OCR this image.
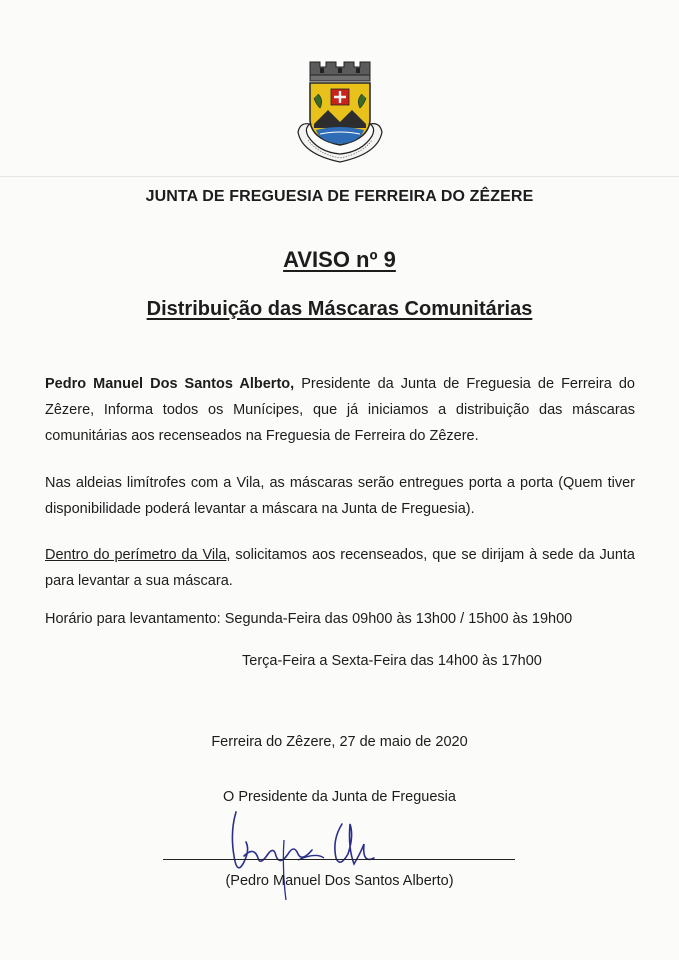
JUNTA DE FREGUESIA DE FERREIRA DO ZÊZERE
AVISO nº 9
Distribuição das Máscaras Comunitárias
Pedro Manuel Dos Santos Alberto, Presidente da Junta de Freguesia de Ferreira do Zêzere, Informa todos os Munícipes, que já iniciamos a distribuição das máscaras comunitárias aos recenseados na Freguesia de Ferreira do Zêzere.
Nas aldeias limítrofes com a Vila, as máscaras serão entregues porta a porta (Quem tiver disponibilidade poderá levantar a máscara na Junta de Freguesia).
Dentro do perímetro da Vila, solicitamos aos recenseados, que se dirijam à sede da Junta para levantar a sua máscara.
Horário para levantamento: Segunda-Feira das 09h00 às 13h00 / 15h00 às 19h00
Terça-Feira a Sexta-Feira das 14h00 às 17h00
Ferreira do Zêzere, 27 de maio de 2020
O Presidente da Junta de Freguesia
(Pedro Manuel Dos Santos Alberto)
